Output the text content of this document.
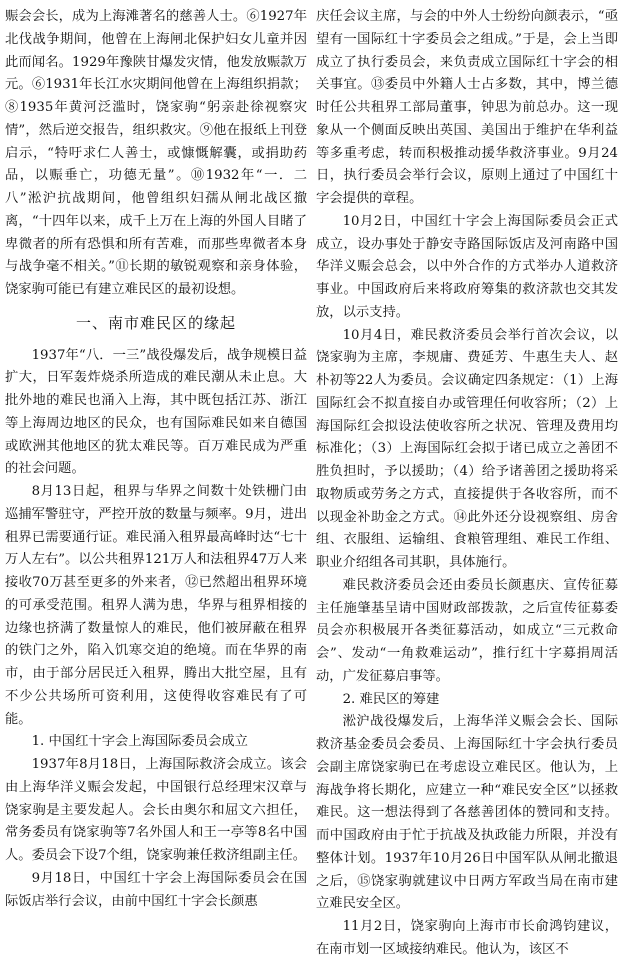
赈会会长，成为上海滩著名的慈善人士。⑥1927年北伐战争期间，他曾在上海闸北保护妇女儿童并因此而闻名。1929年豫陕甘爆发灾情，他发放赈款万元。⑥1931年长江水灾期间他曾在上海组织捐款；⑧1935年黄河泛滥时，饶家驹“躬亲赴徐视察灾情”，然后逆交报告，组织救灾。⑨他在报纸上刊登启示，“特吁求仁人善士，或慷慨解囊，或捐助药品，以赈垂亡，功德无量”。⑩1932年“一．二八”淞沪抗战期间，他曾组织妇孺从闸北战区撤离，“十四年以来，成千上万在上海的外国人目睹了卑微者的所有恐惧和所有苦难，而那些卑微者本身与战争毫不相关。”⑪长期的敏锐观察和亲身体验，饶家驹可能已有建立难民区的最初设想。

一、南市难民区的缘起

1937年“八．一三”战役爆发后，战争规模日益扩大，日军轰炸烧杀所造成的难民潮从未止息。大批外地的难民也涌入上海，其中既包括江苏、浙江等上海周边地区的民众，也有国际难民如来自德国或欧洲其他地区的犹太难民等。百万难民成为严重的社会问题。

8月13日起，租界与华界之间数十处铁栅门由巡捕军警驻守，严控开放的数量与频率。9月，进出租界已需要通行证。难民涌入租界最高峰时达“七十万人左右”。以公共租界121万人和法租界47万人来接收70万甚至更多的外来者，⑫已然超出租界环境的可承受范围。租界人满为患，华界与租界相接的边缘也挤满了数量惊人的难民，他们被屏蔽在租界的铁门之外，陷入饥寒交迫的绝境。而在华界的南市，由于部分居民迁入租界，腾出大批空屋，且有不少公共场所可资利用，这使得收容难民有了可能。

1. 中国红十字会上海国际委员会成立

1937年8月18日，上海国际救济会成立。该会由上海华洋义赈会发起，中国银行总经理宋汉章与饶家驹是主要发起人。会长由奥尔和屈文六担任，常务委员有饶家驹等7名外国人和王一亭等8名中国人。委员会下设7个组，饶家驹兼任救济组副主任。

9月18日，中国红十字会上海国际委员会在国际饭店举行会议，由前中国红十字会长颜惠

庆任会议主席，与会的中外人士纷纷向颜表示，“亟望有一国际红十字委员会之组成。”于是，会上当即成立了执行委员会，来负责成立国际红十字会的相关事宜。⑬委员中外籍人士占多数，其中，博兰德时任公共租界工部局董事，钟思为前总办。这一现象从一个侧面反映出英国、美国出于维护在华利益等多重考虑，转而积极推动援华救济事业。9月24日，执行委员会举行会议，原则上通过了中国红十字会提供的章程。

10月2日，中国红十字会上海国际委员会正式成立，设办事处于静安寺路国际饭店及河南路中国华洋义赈会总会，以中外合作的方式举办人道救济事业。中国政府后来将政府筹集的救济款也交其发放，以示支持。

10月4日，难民救济委员会举行首次会议，以饶家驹为主席，李规庸、费延芳、牛惠生夫人、赵朴初等22人为委员。会议确定四条规定：（1）上海国际红会不拟直接自办或管理任何收容所；（2）上海国际红会拟设法使收容所之状况、管理及费用均标准化；（3）上海国际红会拟于诸已成立之善团不胜负担时，予以援助；（4）给予诸善团之援助将采取物质或劳务之方式，直接提供于各收容所，而不以现金补助金之方式。⑭此外还分设视察组、房舍组、衣服组、运输组、食粮管理组、难民工作组、职业介绍组各司其职，具体施行。

难民救济委员会还由委员长颜惠庆、宣传征募主任施肇基呈请中国财政部拨款，之后宣传征募委员会亦积极展开各类征募活动，如成立“三元救命会”、发动“一角救难运动”，推行红十字募捐周活动，广发征募启事等。

2. 难民区的筹建

淞沪战役爆发后，上海华洋义赈会会长、国际救济基金委员会委员、上海国际红十字会执行委员会副主席饶家驹已在考虑设立难民区。他认为，上海战争将长期化，应建立一种“难民安全区”以拯救难民。这一想法得到了各慈善团体的赞同和支持。而中国政府由于忙于抗战及执政能力所限，并没有整体计划。1937年10月26日中国军队从闸北撤退之后，⑮饶家驹就建议中日两方军政当局在南市建立难民安全区。

11月2日，饶家驹向上海市市长俞鸿钧建议，在南市划一区域接纳难民。他认为，该区不
